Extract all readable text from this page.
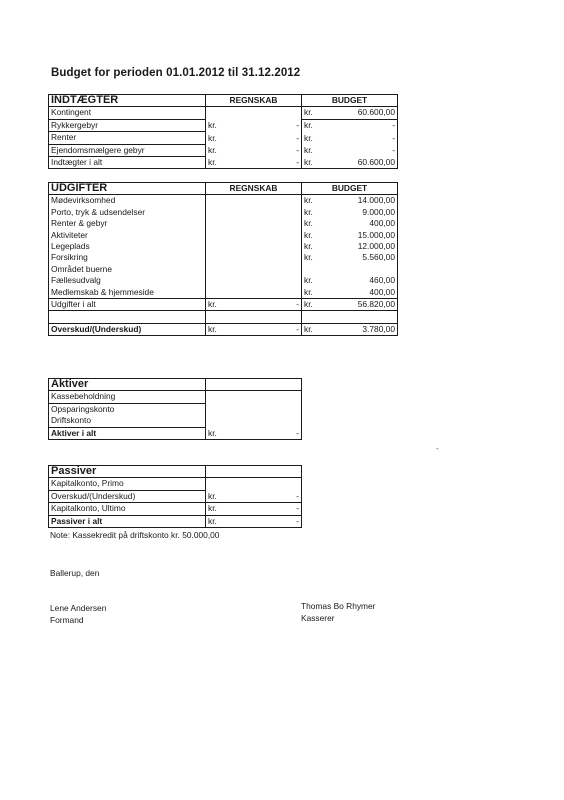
Budget for perioden 01.01.2012 til 31.12.2012
INDTÆGTER	REGNSKAB		BUDGET	
Kontingent			kr.	60.600,00
Rykkergebyr	kr.	-	kr.	-
Renter	kr.	-	kr.	-
Ejendomsmælgere gebyr	kr.	-	kr.	-
Indtægter i alt	kr.	-	kr.	60.600,00
UDGIFTER	REGNSKAB		BUDGET	
Mødevirksomhed			kr.	14.000,00
Porto, tryk & udsendelser			kr.	9.000,00
Renter & gebyr			kr.	400,00
Aktiviteter			kr.	15.000,00
Legeplads			kr.	12.000,00
Forsikring			kr.	5.560,00
Området buerne				
Fællesudvalg			kr.	460,00
Medlemskab & hjemmeside			kr.	400,00
Udgifter i alt	kr.	-	kr.	56.820,00

Overskud/(Underskud)	kr.	-	kr.	3.780,00
Aktiver		
Kassebeholdning		
Opsparingskonto		
Driftskonto		
Aktiver i alt	kr.	-
Passiver		
Kapitalkonto, Primo		
Overskud/(Underskud)	kr.	-
Kapitalkonto, Ultimo	kr.	-
Passiver i alt	kr.	-
Note: Kassekredit på driftskonto kr. 50.000,00
Ballerup, den
Lene Andersen
Formand
Thomas Bo Rhymer
Kasserer
-
